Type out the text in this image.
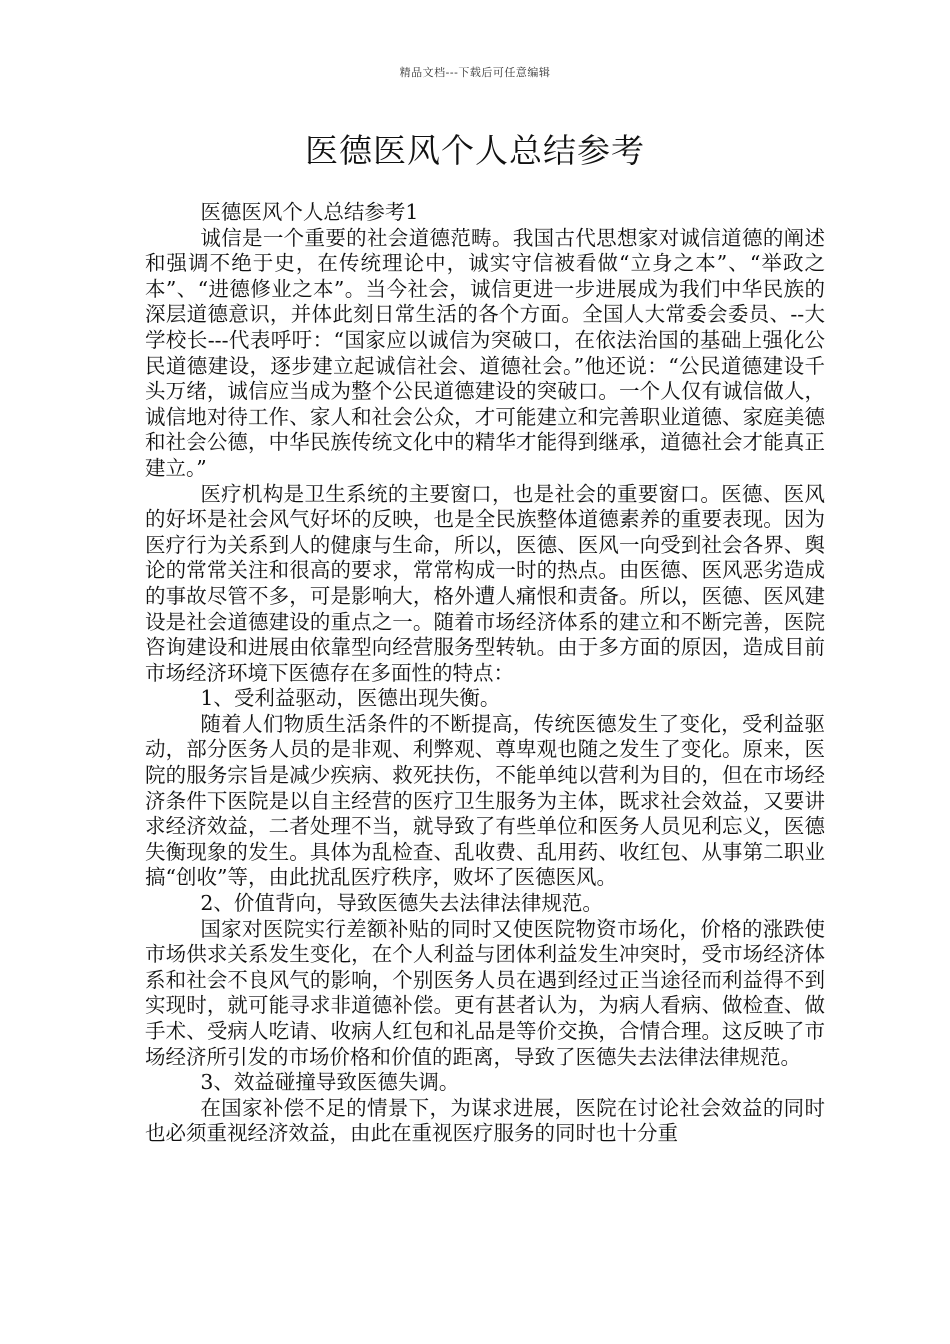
精品文档---下载后可任意编辑
医德医风个人总结参考

医德医风个人总结参考1

诚信是一个重要的社会道德范畴。我国古代思想家对诚信道德的阐述和强调不绝于史，在传统理论中，诚实守信被看做“立身之本”、“举政之本”、“进德修业之本”。当今社会，诚信更进一步进展成为我们中华民族的深层道德意识，并体此刻日常生活的各个方面。全国人大常委会委员、--大学校长---代表呼吁：“国家应以诚信为突破口，在依法治国的基础上强化公民道德建设，逐步建立起诚信社会、道德社会。”他还说：“公民道德建设千头万绪，诚信应当成为整个公民道德建设的突破口。一个人仅有诚信做人，诚信地对待工作、家人和社会公众，才可能建立和完善职业道德、家庭美德和社会公德，中华民族传统文化中的精华才能得到继承，道德社会才能真正建立。”

医疗机构是卫生系统的主要窗口，也是社会的重要窗口。医德、医风的好坏是社会风气好坏的反映，也是全民族整体道德素养的重要表现。因为医疗行为关系到人的健康与生命，所以，医德、医风一向受到社会各界、舆论的常常关注和很高的要求，常常构成一时的热点。由医德、医风恶劣造成的事故尽管不多，可是影响大，格外遭人痛恨和责备。所以，医德、医风建设是社会道德建设的重点之一。随着市场经济体系的建立和不断完善，医院咨询建设和进展由依靠型向经营服务型转轨。由于多方面的原因，造成目前市场经济环境下医德存在多面性的特点：

1、受利益驱动，医德出现失衡。

随着人们物质生活条件的不断提高，传统医德发生了变化，受利益驱动，部分医务人员的是非观、利弊观、尊卑观也随之发生了变化。原来，医院的服务宗旨是减少疾病、救死扶伤，不能单纯以营利为目的，但在市场经济条件下医院是以自主经营的医疗卫生服务为主体，既求社会效益，又要讲求经济效益，二者处理不当，就导致了有些单位和医务人员见利忘义，医德失衡现象的发生。具体为乱检查、乱收费、乱用药、收红包、从事第二职业搞“创收”等，由此扰乱医疗秩序，败坏了医德医风。

2、价值背向，导致医德失去法律法律规范。

国家对医院实行差额补贴的同时又使医院物资市场化，价格的涨跌使市场供求关系发生变化，在个人利益与团体利益发生冲突时，受市场经济体系和社会不良风气的影响，个别医务人员在遇到经过正当途径而利益得不到实现时，就可能寻求非道德补偿。更有甚者认为，为病人看病、做检查、做手术、受病人吃请、收病人红包和礼品是等价交换，合情合理。这反映了市场经济所引发的市场价格和价值的距离，导致了医德失去法律法律规范。

3、效益碰撞导致医德失调。

在国家补偿不足的情景下，为谋求进展，医院在讨论社会效益的同时也必须重视经济效益，由此在重视医疗服务的同时也十分重
